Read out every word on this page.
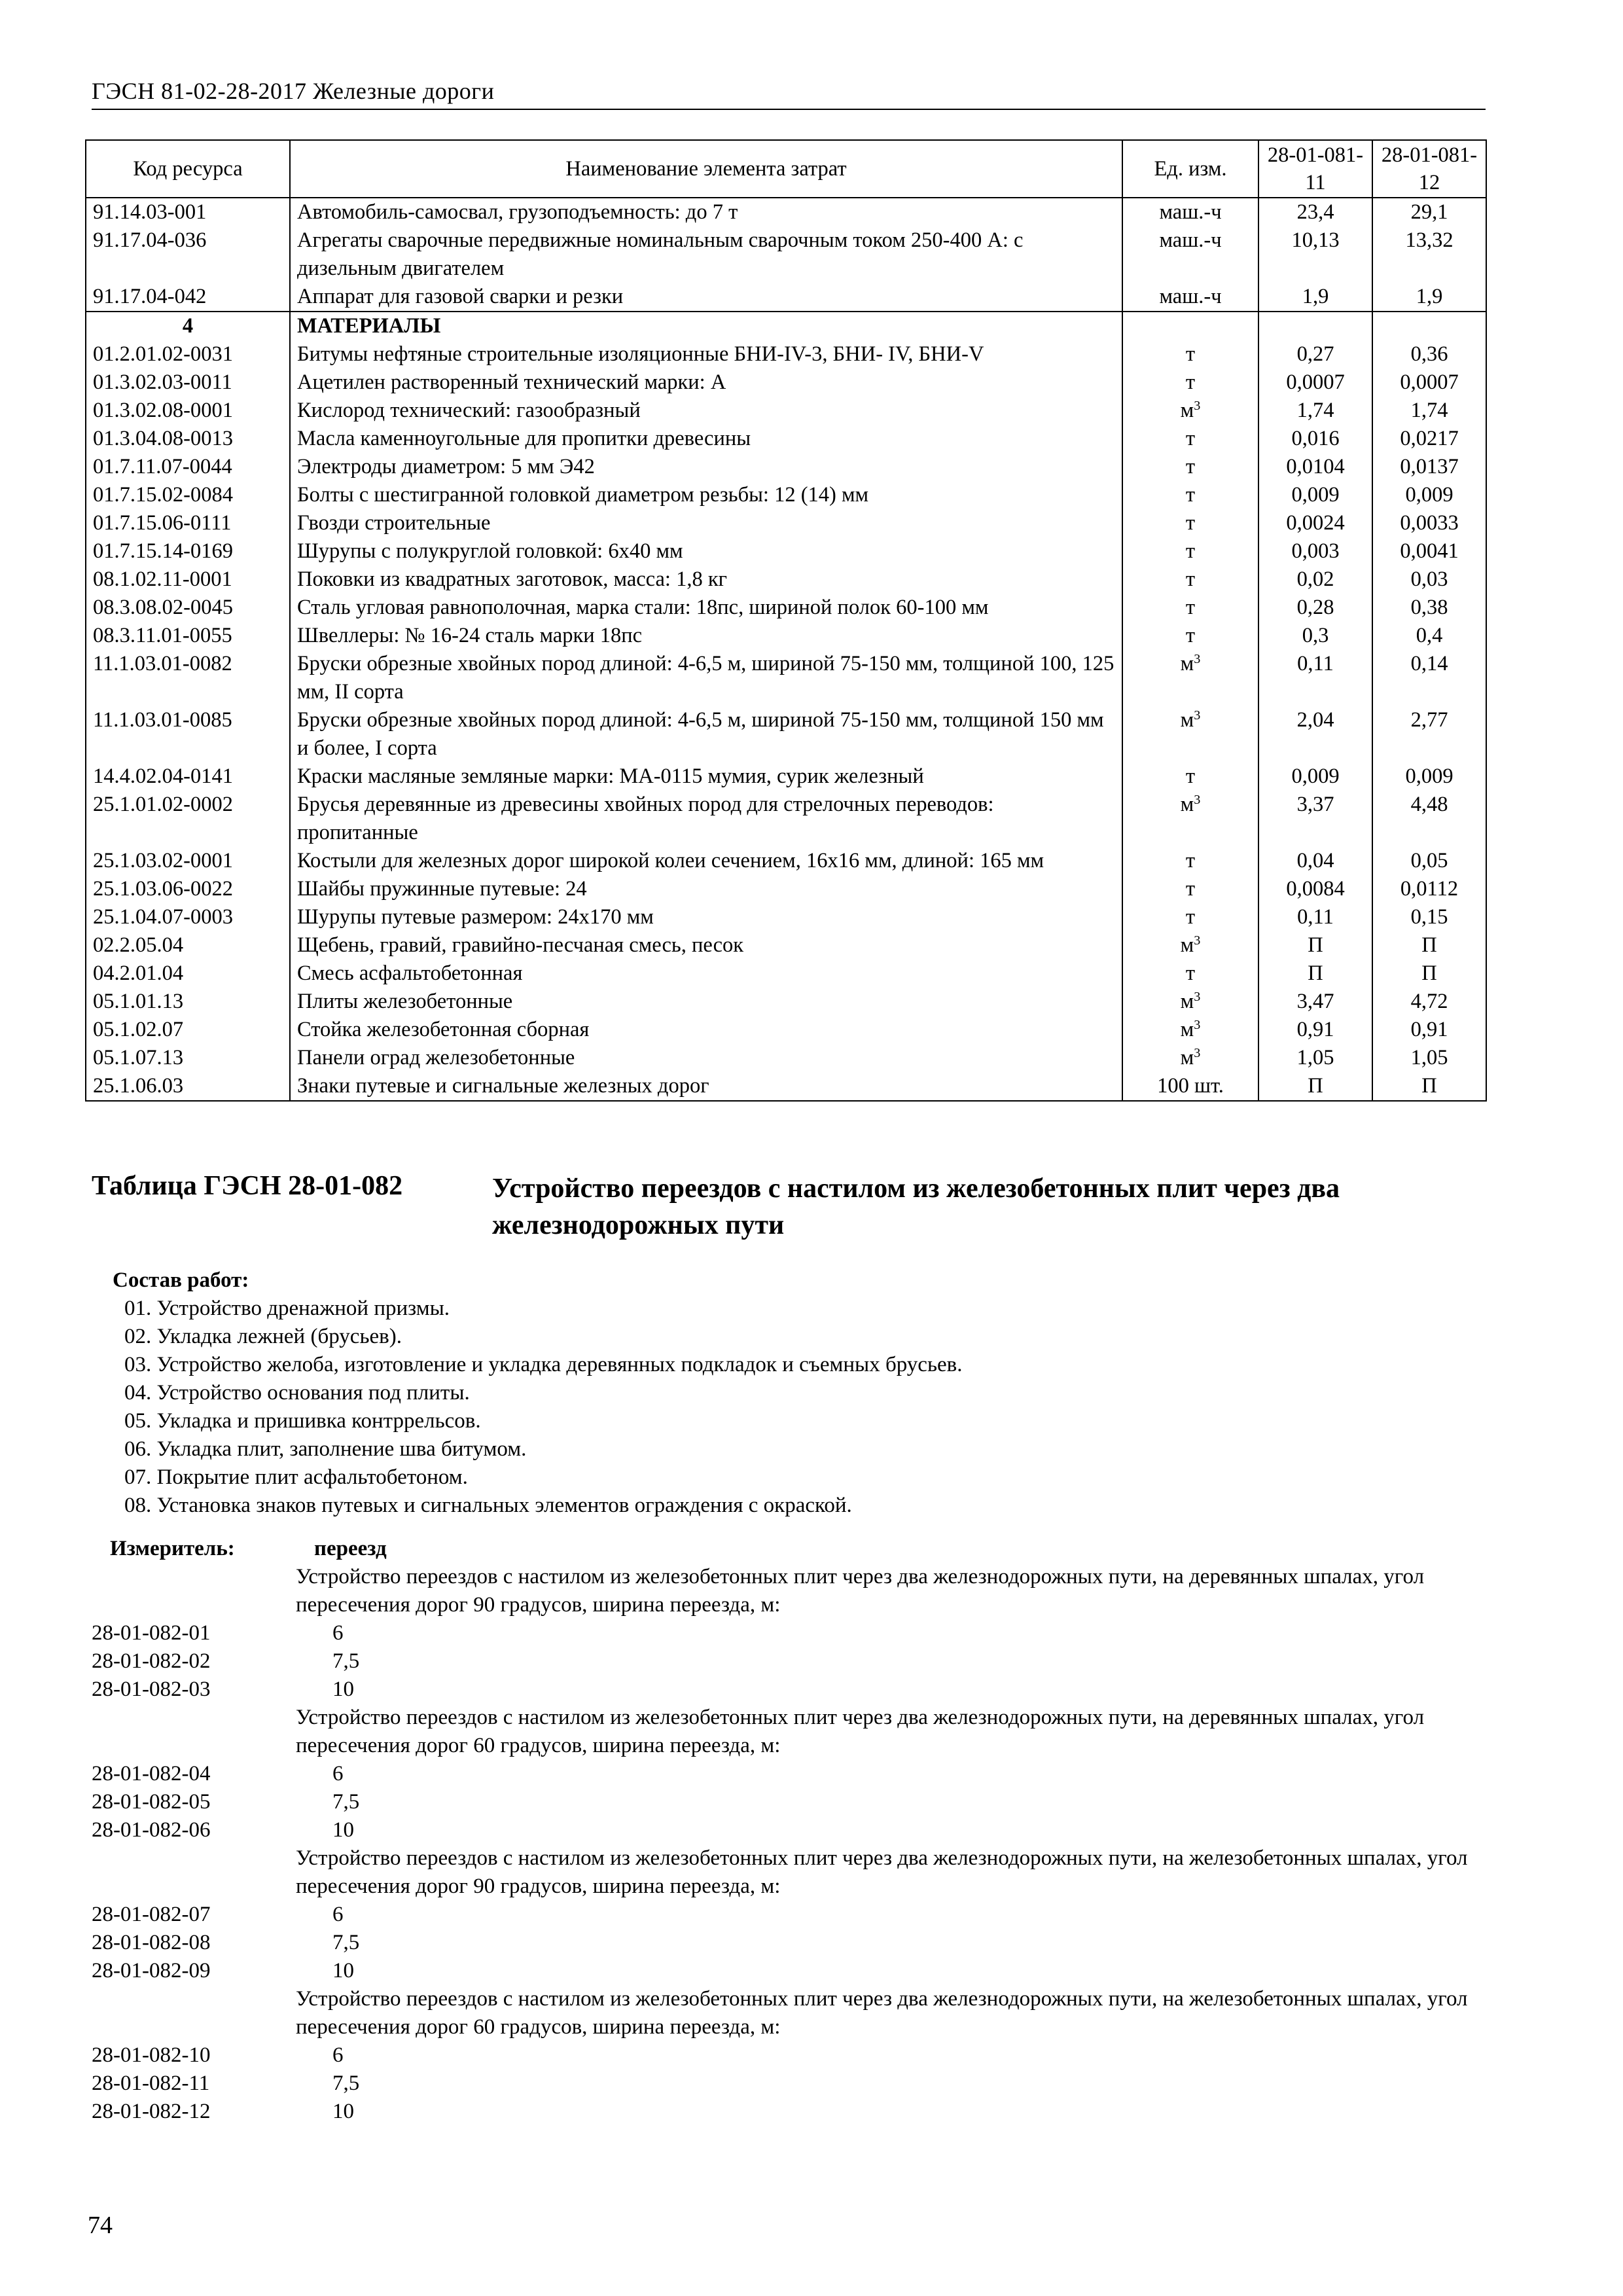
ГЭСН 81-02-28-2017 Железные дороги
Код ресурса	Наименование элемента затрат	Ед. изм.	28-01-081-11	28-01-081-12
91.14.03-001	Автомобиль-самосвал, грузоподъемность: до 7 т	маш.-ч	23,4	29,1
91.17.04-036	Агрегаты сварочные передвижные номинальным сварочным током 250-400 А: с дизельным двигателем	маш.-ч	10,13	13,32
91.17.04-042	Аппарат для газовой сварки и резки	маш.-ч	1,9	1,9
4	МАТЕРИАЛЫ			
01.2.01.02-0031	Битумы нефтяные строительные изоляционные БНИ-IV-3, БНИ- IV, БНИ-V	т	0,27	0,36
01.3.02.03-0011	Ацетилен растворенный технический марки: А	т	0,0007	0,0007
01.3.02.08-0001	Кислород технический: газообразный	$м^3$	1,74	1,74
01.3.04.08-0013	Масла каменноугольные для пропитки древесины	т	0,016	0,0217
01.7.11.07-0044	Электроды диаметром: 5 мм Э42	т	0,0104	0,0137
01.7.15.02-0084	Болты с шестигранной головкой диаметром резьбы: 12 (14) мм	т	0,009	0,009
01.7.15.06-0111	Гвозди строительные	т	0,0024	0,0033
01.7.15.14-0169	Шурупы с полукруглой головкой: 6х40 мм	т	0,003	0,0041
08.1.02.11-0001	Поковки из квадратных заготовок, масса: 1,8 кг	т	0,02	0,03
08.3.08.02-0045	Сталь угловая равнополочная, марка стали: 18пс, шириной полок 60-100 мм	т	0,28	0,38
08.3.11.01-0055	Швеллеры: № 16-24 сталь марки 18пс	т	0,3	0,4
11.1.03.01-0082	Бруски обрезные хвойных пород длиной: 4-6,5 м, шириной 75-150 мм, толщиной 100, 125 мм, II сорта	$м^3$	0,11	0,14
11.1.03.01-0085	Бруски обрезные хвойных пород длиной: 4-6,5 м, шириной 75-150 мм, толщиной 150 мм и более, I сорта	$м^3$	2,04	2,77
14.4.02.04-0141	Краски масляные земляные марки: МА-0115 мумия, сурик железный	т	0,009	0,009
25.1.01.02-0002	Брусья деревянные из древесины хвойных пород для стрелочных переводов: пропитанные	$м^3$	3,37	4,48
25.1.03.02-0001	Костыли для железных дорог широкой колеи сечением, 16х16 мм, длиной: 165 мм	т	0,04	0,05
25.1.03.06-0022	Шайбы пружинные путевые: 24	т	0,0084	0,0112
25.1.04.07-0003	Шурупы путевые размером: 24х170 мм	т	0,11	0,15
02.2.05.04	Щебень, гравий, гравийно-песчаная смесь, песок	$м^3$	П	П
04.2.01.04	Смесь асфальтобетонная	т	П	П
05.1.01.13	Плиты железобетонные	$м^3$	3,47	4,72
05.1.02.07	Стойка железобетонная сборная	$м^3$	0,91	0,91
05.1.07.13	Панели оград железобетонные	$м^3$	1,05	1,05
25.1.06.03	Знаки путевые и сигнальные железных дорог	100 шт.	П	П
Таблица ГЭСН 28-01-082	Устройство переездов с настилом из железобетонных плит через два железнодорожных пути
Состав работ:
01. Устройство дренажной призмы.
02. Укладка лежней (брусьев).
03. Устройство желоба, изготовление и укладка деревянных подкладок и съемных брусьев.
04. Устройство основания под плиты.
05. Укладка и пришивка контррельсов.
06. Укладка плит, заполнение шва битумом.
07. Покрытие плит асфальтобетоном.
08. Установка знаков путевых и сигнальных элементов ограждения с окраской.
Измеритель:	переезд
Устройство переездов с настилом из железобетонных плит через два железнодорожных пути, на деревянных шпалах, угол пересечения дорог 90 градусов, ширина переезда, м:
28-01-082-01	6
28-01-082-02	7,5
28-01-082-03	10
Устройство переездов с настилом из железобетонных плит через два железнодорожных пути, на деревянных шпалах, угол пересечения дорог 60 градусов, ширина переезда, м:
28-01-082-04	6
28-01-082-05	7,5
28-01-082-06	10
Устройство переездов с настилом из железобетонных плит через два железнодорожных пути, на железобетонных шпалах, угол пересечения дорог 90 градусов, ширина переезда, м:
28-01-082-07	6
28-01-082-08	7,5
28-01-082-09	10
Устройство переездов с настилом из железобетонных плит через два железнодорожных пути, на железобетонных шпалах, угол пересечения дорог 60 градусов, ширина переезда, м:
28-01-082-10	6
28-01-082-11	7,5
28-01-082-12	10
74
